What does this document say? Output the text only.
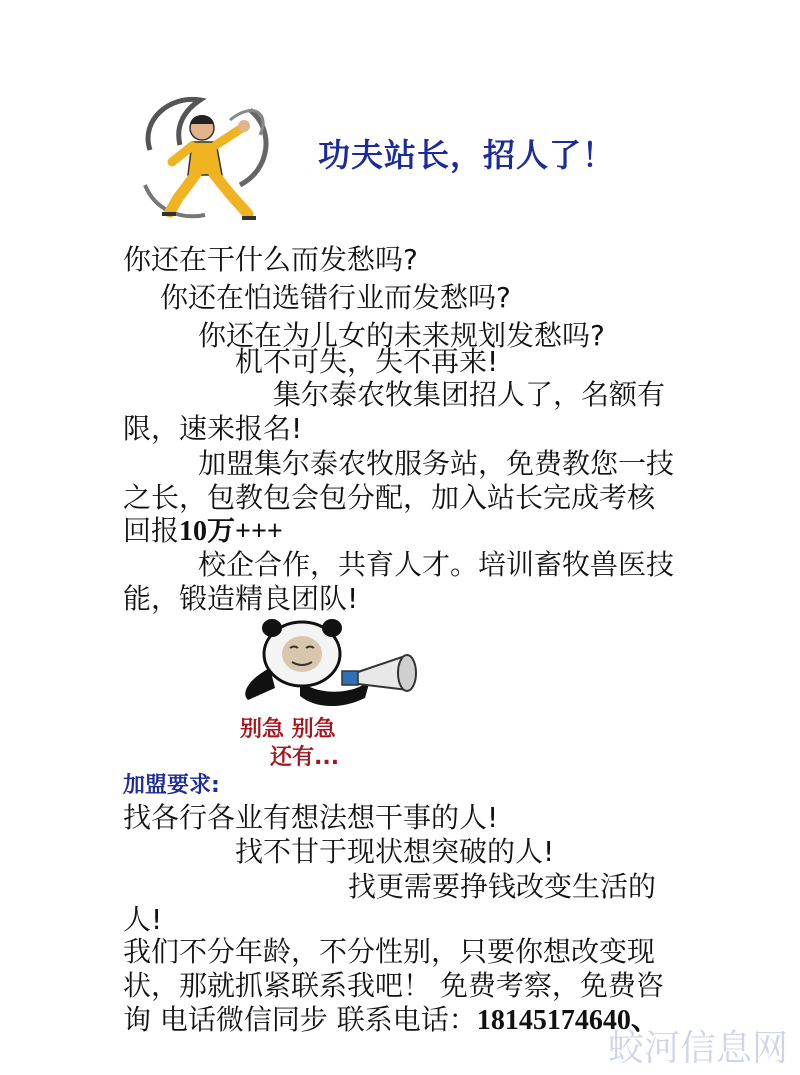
功夫站长，招人了！
你还在干什么而发愁吗?
你还在怕选错行业而发愁吗?
你还在为儿女的未来规划发愁吗?
机不可失，失不再来!
集尔泰农牧集团招人了，名额有
限，速来报名!
加盟集尔泰农牧服务站，免费教您一技
之长，包教包会包分配，加入站长完成考核
回报10万+++
校企合作，共育人才。培训畜牧兽医技
能，锻造精良团队!
别急 别急
还有...
加盟要求:
找各行各业有想法想干事的人!
找不甘于现状想突破的人!
找更需要挣钱改变生活的
人!
我们不分年龄，不分性别，只要你想改变现
状，那就抓紧联系我吧！ 免费考察，免费咨
询 电话微信同步 联系电话：18145174640、
蛟河信息网
